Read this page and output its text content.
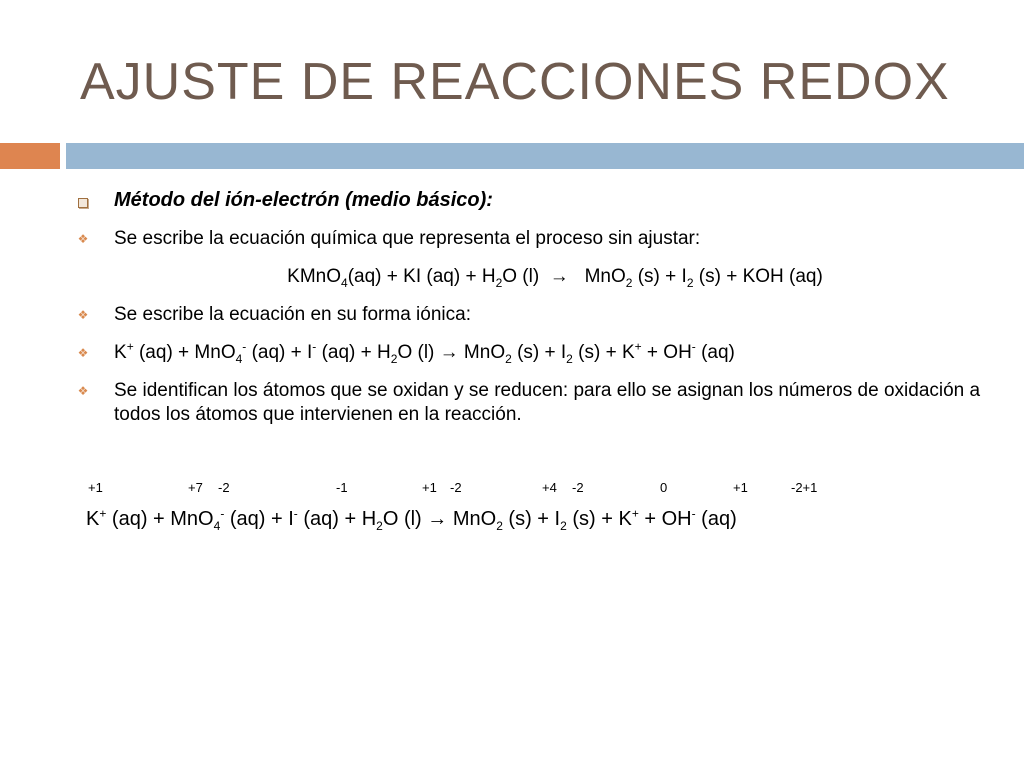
AJUSTE DE REACCIONES REDOX
Método del ión-electrón (medio básico):
❖ Se escribe la ecuación química que representa el proceso sin ajustar:
KMnO$_4$(aq) + KI $(aq) + H_2O$ (l)  →   MnO$_2$ $(s) + I_2$ (s) + KOH (aq)
❖ Se escribe la ecuación en su forma iónica:
❖ K+ (aq) + MnO$_4$- (aq) + I- $(aq) + H_2O$ (l) → MnO$_2$ $(s) + I_2$ (s) + K+ + OH- (aq)
❖ Se identifican los átomos que se oxidan y se reducen: para ello se asignan los números de oxidación a todos los átomos que intervienen en la reacción.
+1	+7 -2	-1	+1 -2	+4 -2	0	+1	-2+1
K+ (aq) + MnO$_4$- (aq) + I- $(aq) + H_2O$ (l) → MnO$_2$ $(s) + I_2$ (s) + K+ + OH- (aq)
